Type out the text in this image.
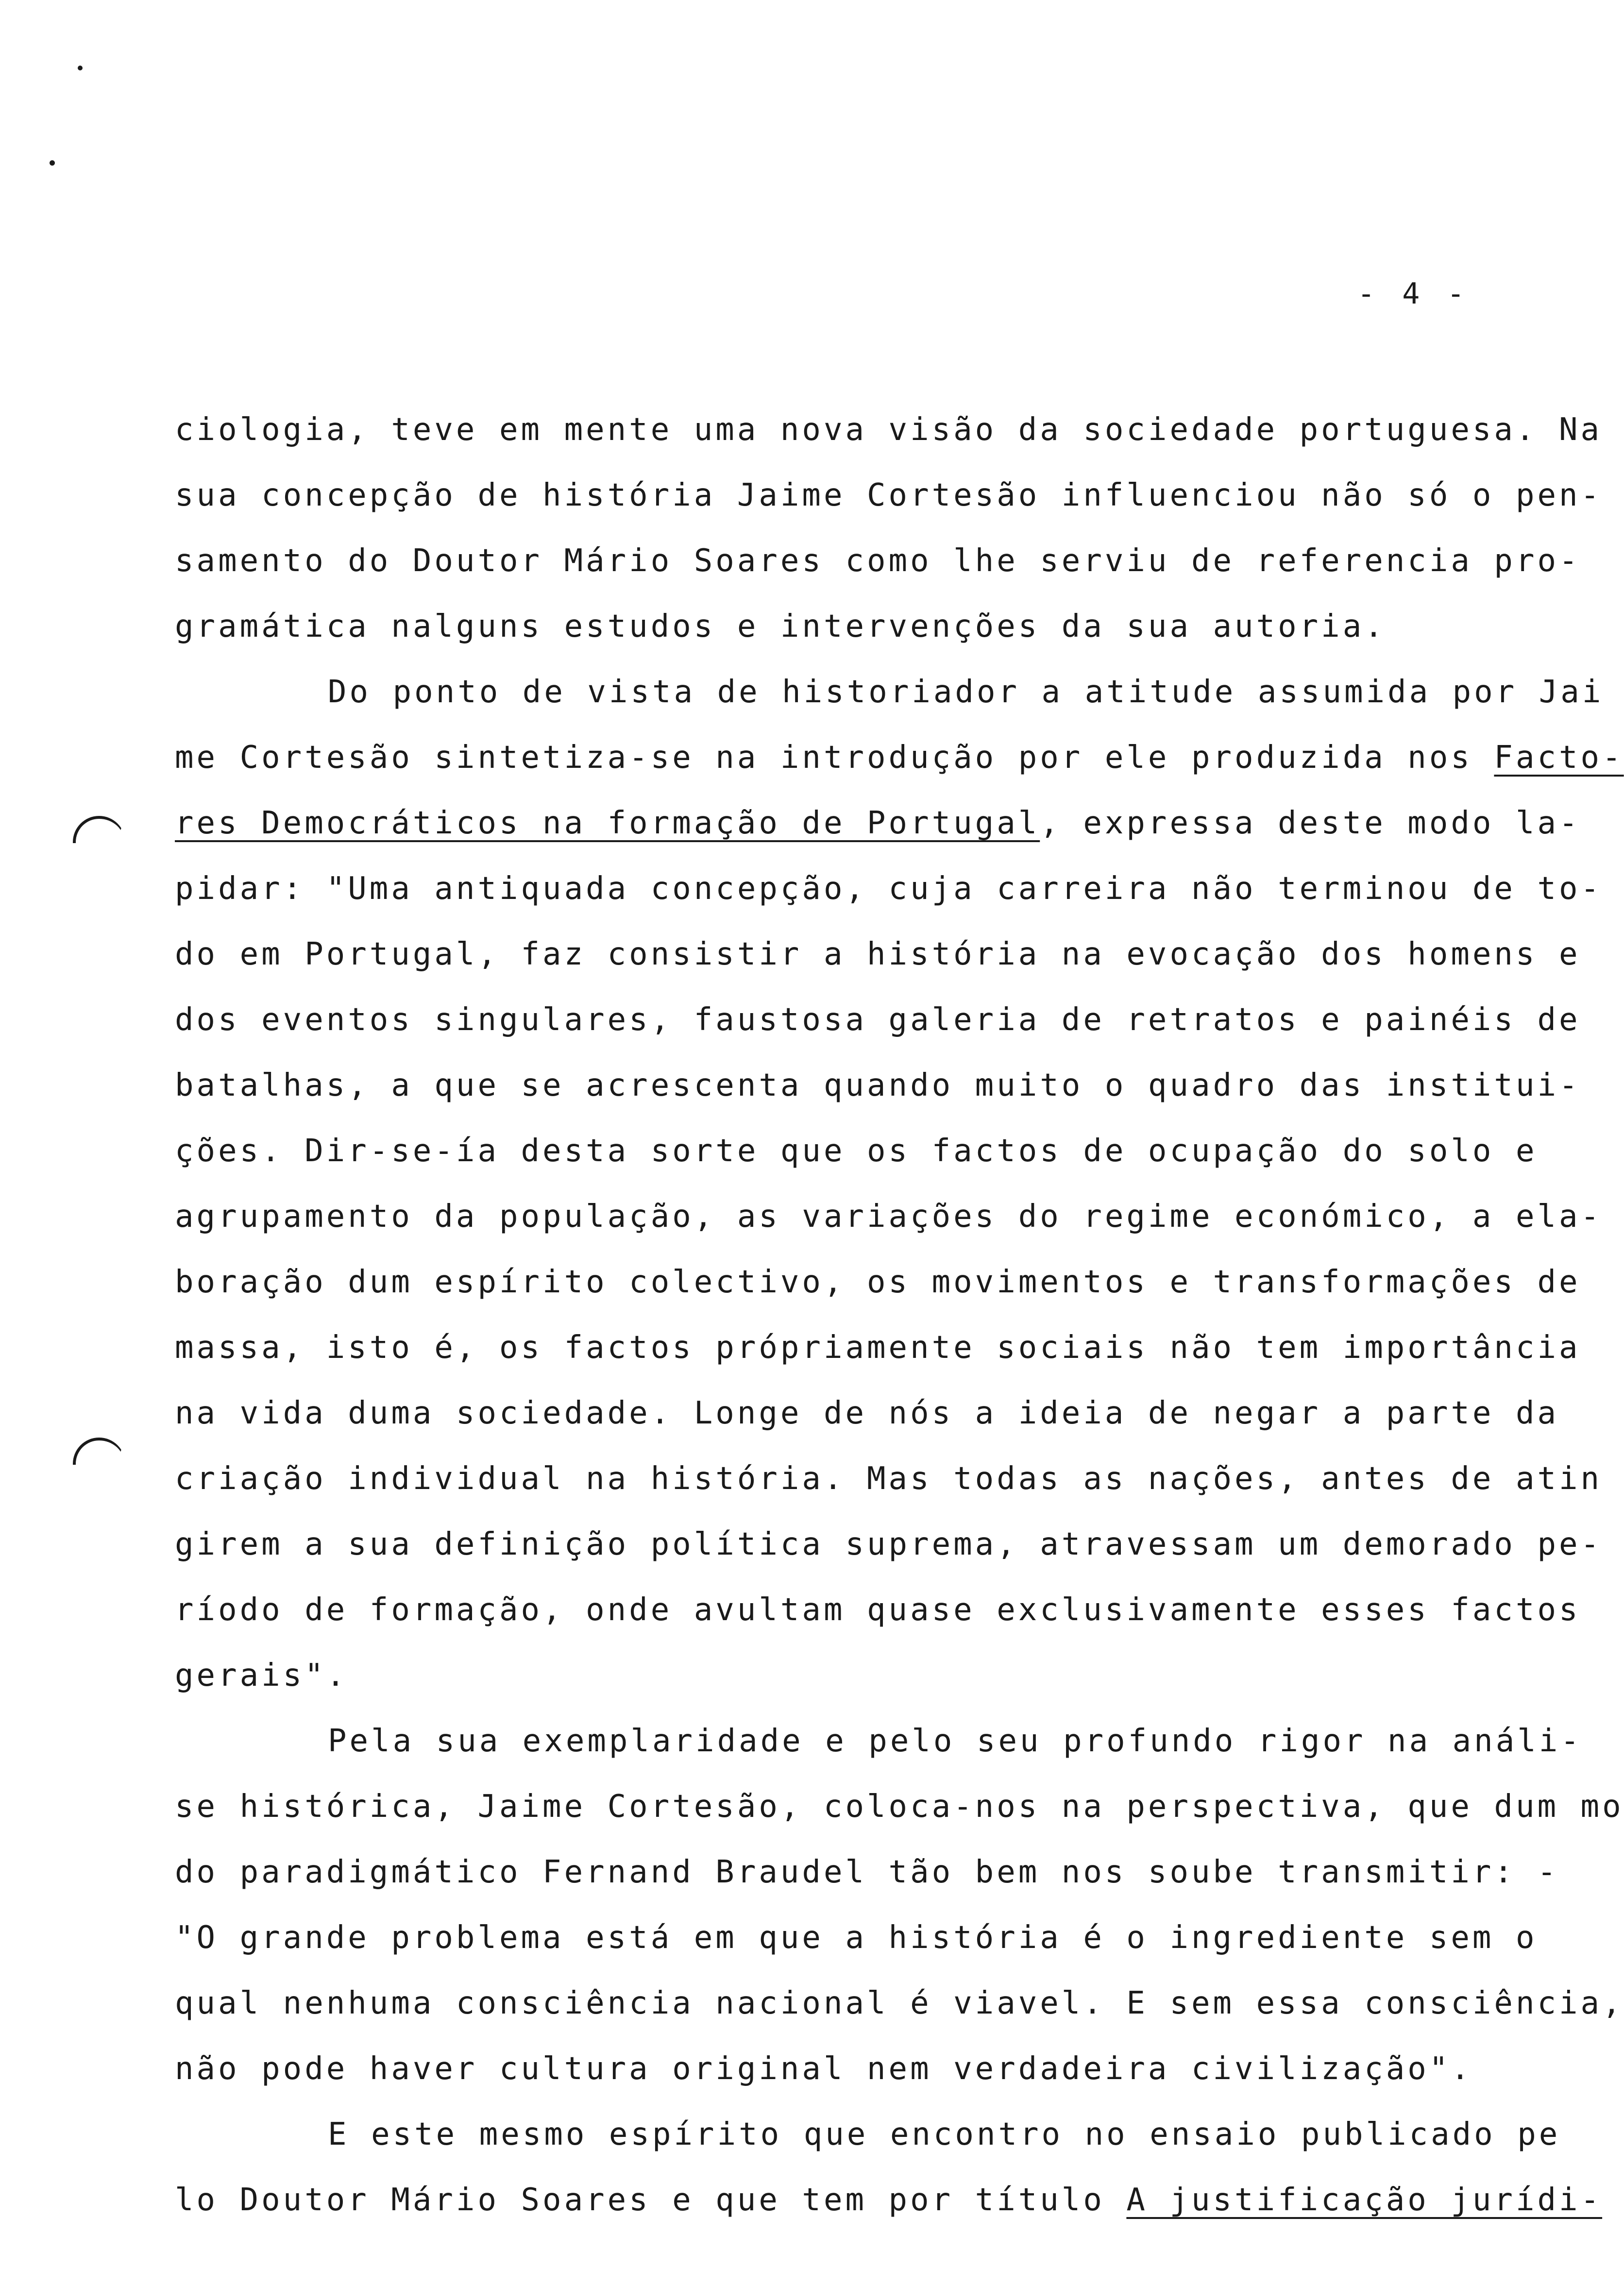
- 4 -
ciologia, teve em mente uma nova visão da sociedade portuguesa. Na
sua concepção de história Jaime Cortesão influenciou não só o pen-
samento do Doutor Mário Soares como lhe serviu de referencia pro-
gramática nalguns estudos e intervenções da sua autoria.
Do ponto de vista de historiador a atitude assumida por Jai
me Cortesão sintetiza-se na introdução por ele produzida nos Facto-
res Democráticos na formação de Portugal, expressa deste modo la-
pidar: "Uma antiquada concepção, cuja carreira não terminou de to-
do em Portugal, faz consistir a história na evocação dos homens e
dos eventos singulares, faustosa galeria de retratos e painéis de
batalhas, a que se acrescenta quando muito o quadro das institui-
ções. Dir-se-ía desta sorte que os factos de ocupação do solo e
agrupamento da população, as variações do regime económico, a ela-
boração dum espírito colectivo, os movimentos e transformações de
massa, isto é, os factos própriamente sociais não tem importância
na vida duma sociedade. Longe de nós a ideia de negar a parte da
criação individual na história. Mas todas as nações, antes de atin
girem a sua definição política suprema, atravessam um demorado pe-
ríodo de formação, onde avultam quase exclusivamente esses factos
gerais".
Pela sua exemplaridade e pelo seu profundo rigor na análi-
se histórica, Jaime Cortesão, coloca-nos na perspectiva, que dum mo
do paradigmático Fernand Braudel tão bem nos soube transmitir: -
"O grande problema está em que a história é o ingrediente sem o
qual nenhuma consciência nacional é viavel. E sem essa consciência,
não pode haver cultura original nem verdadeira civilização".
E este mesmo espírito que encontro no ensaio publicado pe
lo Doutor Mário Soares e que tem por título A justificação jurídi-
